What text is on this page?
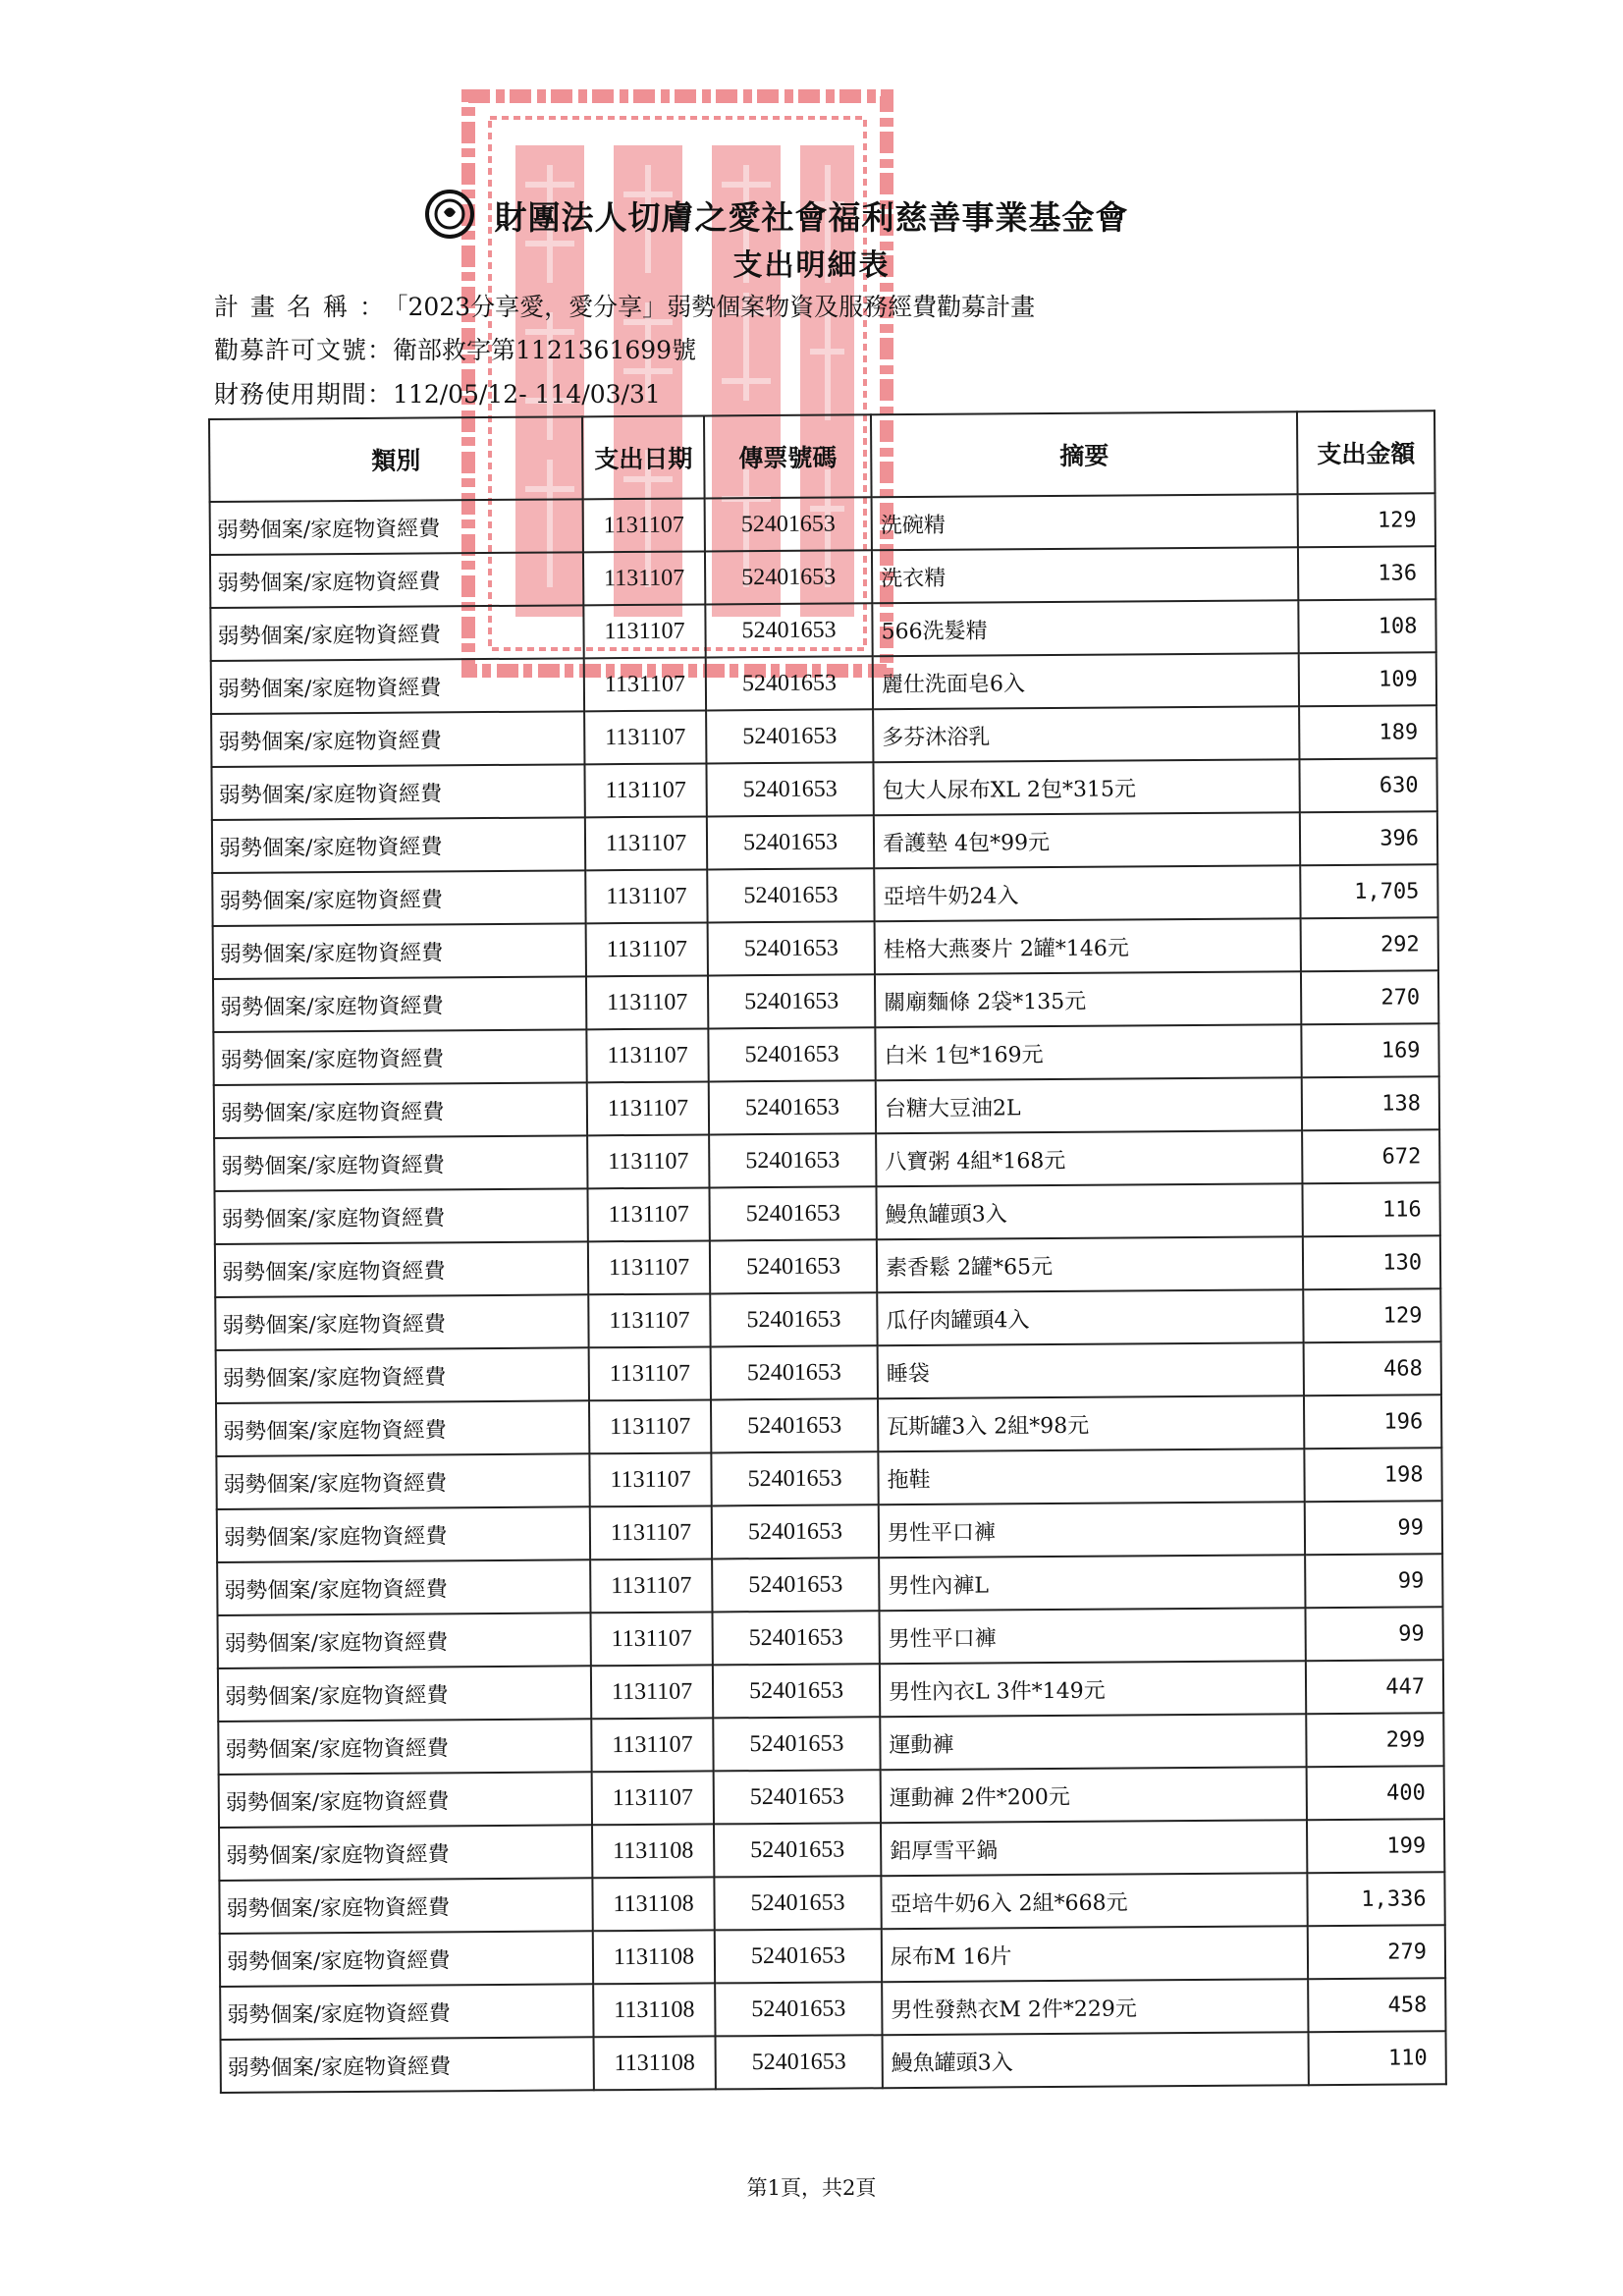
財團法人切膚之愛社會福利慈善事業基金會
支出明細表
計畫名稱：「2023分享愛，愛分享」弱勢個案物資及服務經費勸募計畫
勸募許可文號：衛部救字第1121361699號
財務使用期間：112/05/12- 114/03/31
類別	支出日期	傳票號碼	摘要	支出金額
弱勢個案/家庭物資經費	1131107	52401653	洗碗精	129
弱勢個案/家庭物資經費	1131107	52401653	洗衣精	136
弱勢個案/家庭物資經費	1131107	52401653	566洗髮精	108
弱勢個案/家庭物資經費	1131107	52401653	麗仕洗面皂6入	109
弱勢個案/家庭物資經費	1131107	52401653	多芬沐浴乳	189
弱勢個案/家庭物資經費	1131107	52401653	包大人尿布XL 2包*315元	630
弱勢個案/家庭物資經費	1131107	52401653	看護墊 4包*99元	396
弱勢個案/家庭物資經費	1131107	52401653	亞培牛奶24入	1,705
弱勢個案/家庭物資經費	1131107	52401653	桂格大燕麥片 2罐*146元	292
弱勢個案/家庭物資經費	1131107	52401653	關廟麵條 2袋*135元	270
弱勢個案/家庭物資經費	1131107	52401653	白米 1包*169元	169
弱勢個案/家庭物資經費	1131107	52401653	台糖大豆油2L	138
弱勢個案/家庭物資經費	1131107	52401653	八寶粥 4組*168元	672
弱勢個案/家庭物資經費	1131107	52401653	鰻魚罐頭3入	116
弱勢個案/家庭物資經費	1131107	52401653	素香鬆 2罐*65元	130
弱勢個案/家庭物資經費	1131107	52401653	瓜仔肉罐頭4入	129
弱勢個案/家庭物資經費	1131107	52401653	睡袋	468
弱勢個案/家庭物資經費	1131107	52401653	瓦斯罐3入 2組*98元	196
弱勢個案/家庭物資經費	1131107	52401653	拖鞋	198
弱勢個案/家庭物資經費	1131107	52401653	男性平口褲	99
弱勢個案/家庭物資經費	1131107	52401653	男性內褲L	99
弱勢個案/家庭物資經費	1131107	52401653	男性平口褲	99
弱勢個案/家庭物資經費	1131107	52401653	男性內衣L 3件*149元	447
弱勢個案/家庭物資經費	1131107	52401653	運動褲	299
弱勢個案/家庭物資經費	1131107	52401653	運動褲 2件*200元	400
弱勢個案/家庭物資經費	1131108	52401653	鋁厚雪平鍋	199
弱勢個案/家庭物資經費	1131108	52401653	亞培牛奶6入 2組*668元	1,336
弱勢個案/家庭物資經費	1131108	52401653	尿布M 16片	279
弱勢個案/家庭物資經費	1131108	52401653	男性發熱衣M 2件*229元	458
弱勢個案/家庭物資經費	1131108	52401653	鰻魚罐頭3入	110
第1頁，共2頁
